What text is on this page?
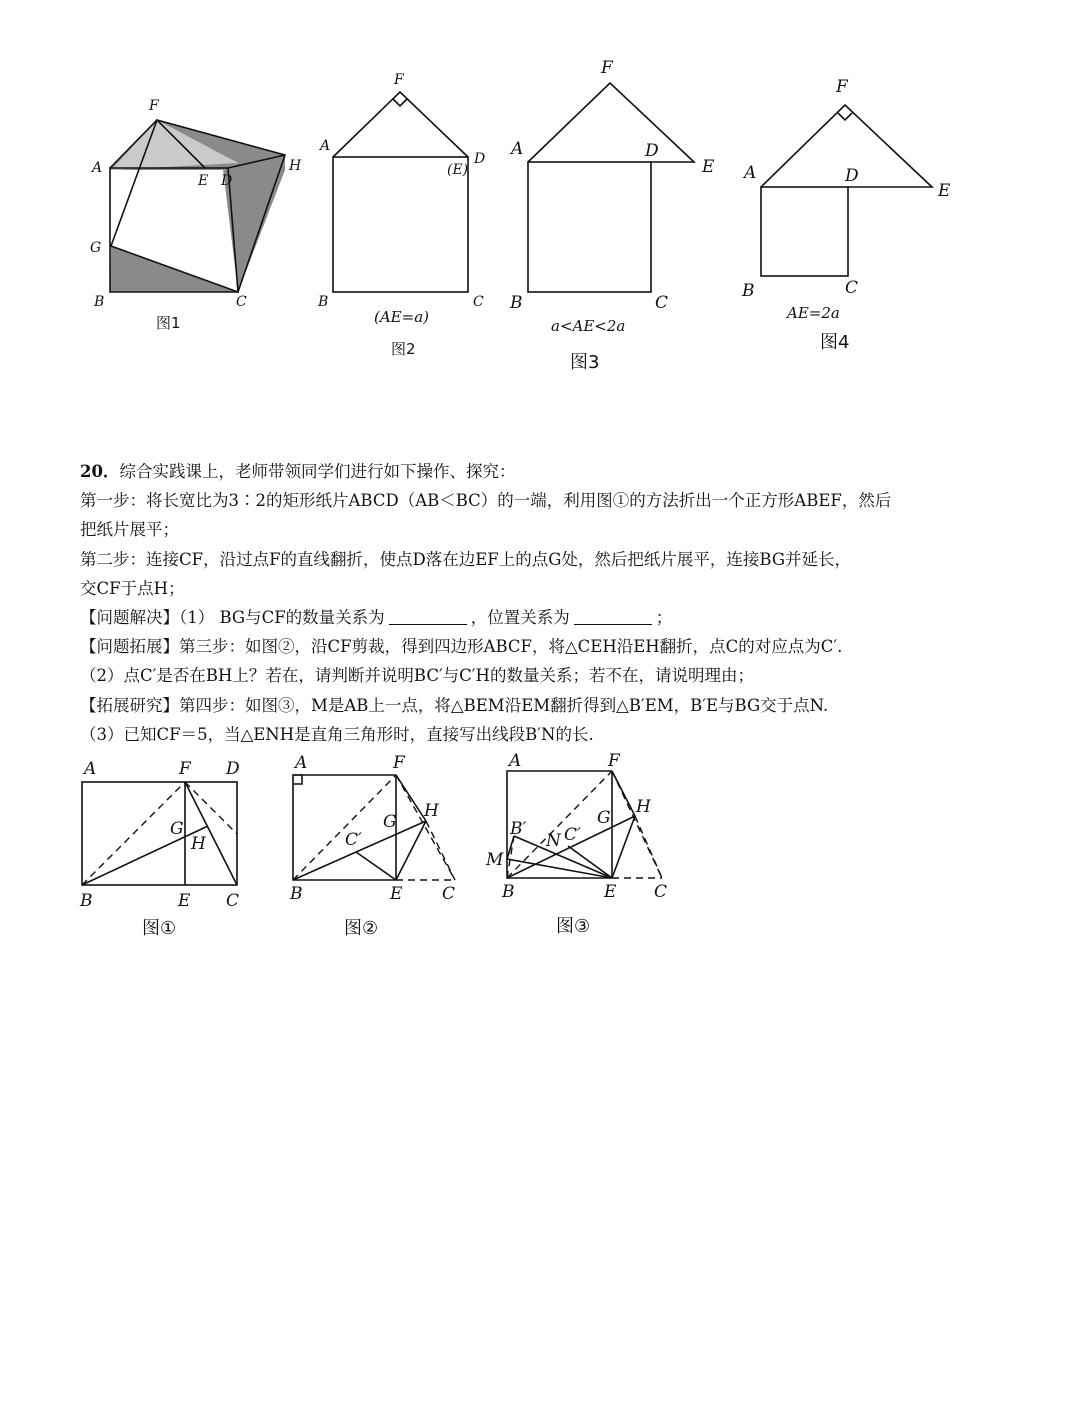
F
A
E D
H
G
B	C
图1
F
A
D
(E)
B	C
(AE=a)
图2
F
A	D
E
B	C
a<AE<2a
图3
F
A	D
E
B	C
AE=2a
图4
A	F D
G
H
B	E C
图①
A	F
H
G
C′
B	E C
图②
A	F
H
B′
N C′
G
M
B	E C
图③
20．综合实践课上，老师带领同学们进行如下操作、探究：
第一步：将长宽比为3∶2的矩形纸片ABCD（AB＜BC）的一端，利用图①的方法折出一个正方形ABEF，然后
把纸片展平；
第二步：连接CF，沿过点F的直线翻折，使点D落在边EF上的点G处，然后把纸片展平，连接BG并延长，
交CF于点H；
【问题解决】（1） BG与CF的数量关系为	，位置关系为	；
【问题拓展】第三步：如图②，沿CF剪裁，得到四边形ABCF，将△CEH沿EH翻折，点C的对应点为C′.
（2）点C′是否在BH上？若在，请判断并说明BC′与C′H的数量关系；若不在，请说明理由；
【拓展研究】第四步：如图③，M是AB上一点，将△BEM沿EM翻折得到△B′EM，B′E与BG交于点N.
（3）已知CF＝5，当△ENH是直角三角形时，直接写出线段B′N的长.
